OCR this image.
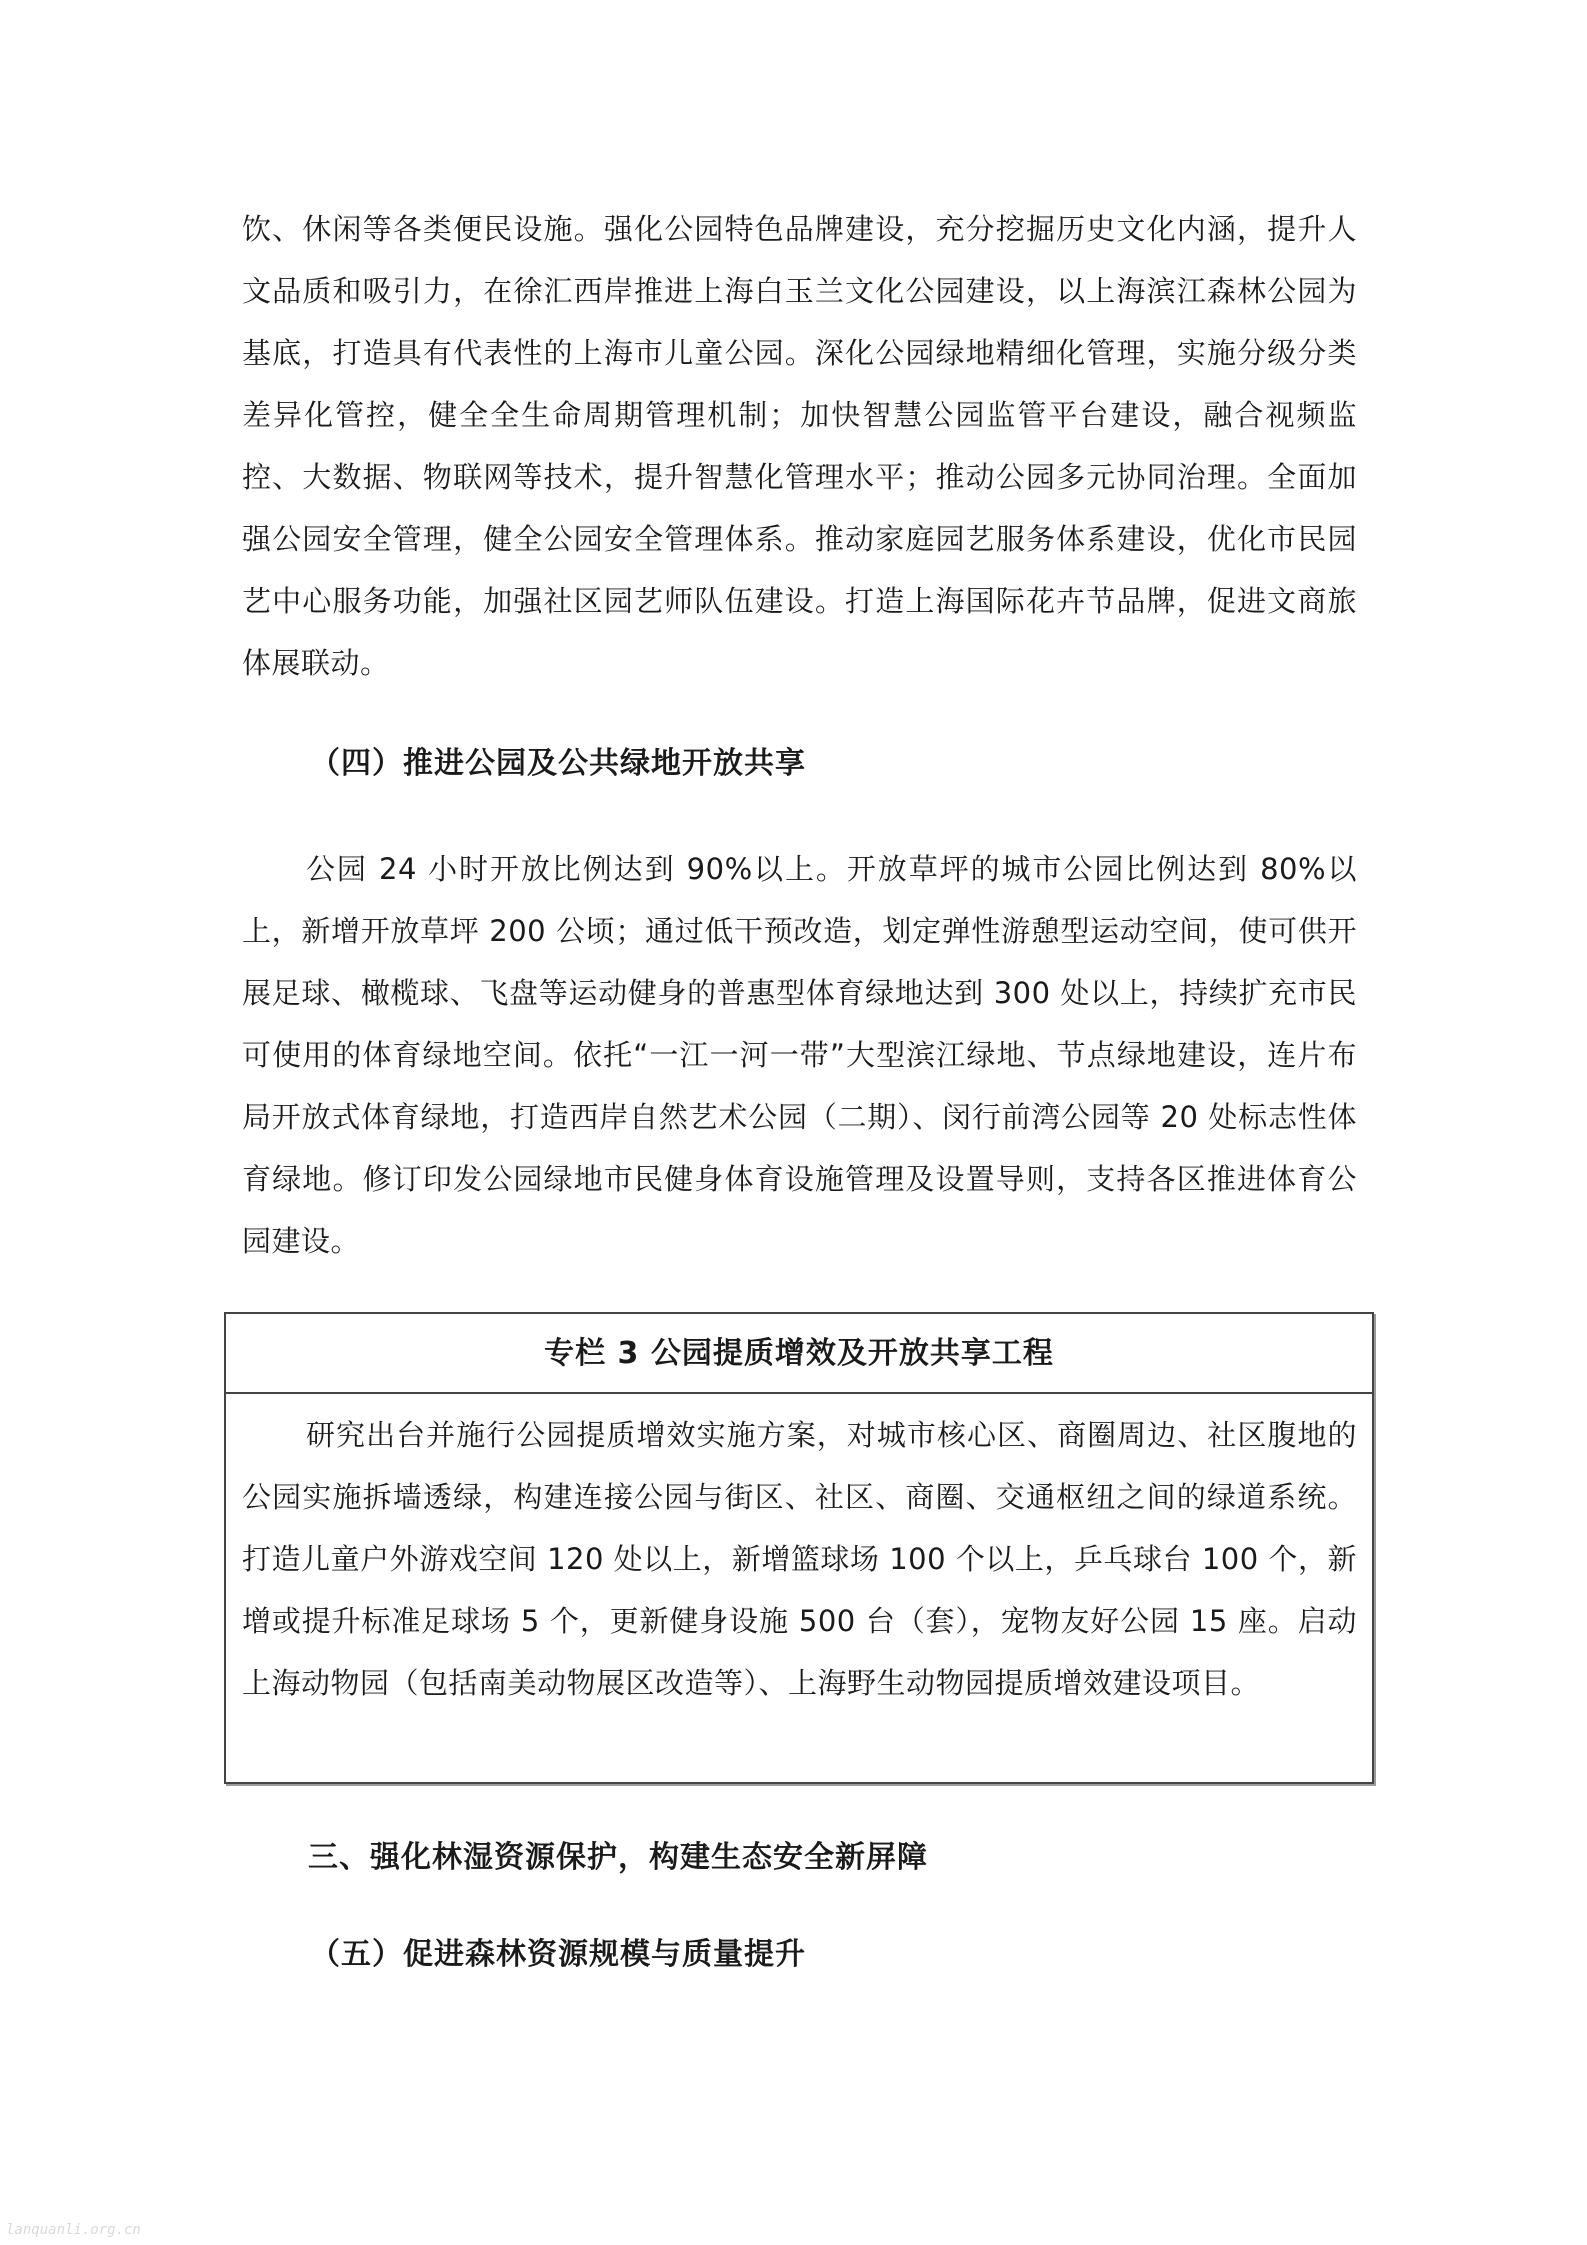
饮、休闲等各类便民设施。强化公园特色品牌建设，充分挖掘历史文化内涵，提升人文品质和吸引力，在徐汇西岸推进上海白玉兰文化公园建设，以上海滨江森林公园为基底，打造具有代表性的上海市儿童公园。深化公园绿地精细化管理，实施分级分类差异化管控，健全全生命周期管理机制；加快智慧公园监管平台建设，融合视频监控、大数据、物联网等技术，提升智慧化管理水平；推动公园多元协同治理。全面加强公园安全管理，健全公园安全管理体系。推动家庭园艺服务体系建设，优化市民园艺中心服务功能，加强社区园艺师队伍建设。打造上海国际花卉节品牌，促进文商旅体展联动。

（四）推进公园及公共绿地开放共享

公园 24 小时开放比例达到 90%以上。开放草坪的城市公园比例达到 80%以上，新增开放草坪 200 公顷；通过低干预改造，划定弹性游憩型运动空间，使可供开展足球、橄榄球、飞盘等运动健身的普惠型体育绿地达到 300 处以上，持续扩充市民可使用的体育绿地空间。依托“一江一河一带”大型滨江绿地、节点绿地建设，连片布局开放式体育绿地，打造西岸自然艺术公园（二期）、闵行前湾公园等 20 处标志性体育绿地。修订印发公园绿地市民健身体育设施管理及设置导则，支持各区推进体育公园建设。

专栏 3 公园提质增效及开放共享工程

研究出台并施行公园提质增效实施方案，对城市核心区、商圈周边、社区腹地的公园实施拆墙透绿，构建连接公园与街区、社区、商圈、交通枢纽之间的绿道系统。打造儿童户外游戏空间 120 处以上，新增篮球场 100 个以上，乒乓球台 100 个，新增或提升标准足球场 5 个，更新健身设施 500 台（套），宠物友好公园 15 座。启动上海动物园（包括南美动物展区改造等）、上海野生动物园提质增效建设项目。

三、强化林湿资源保护，构建生态安全新屏障
（五）促进森林资源规模与质量提升
lanquanli.org.cn
